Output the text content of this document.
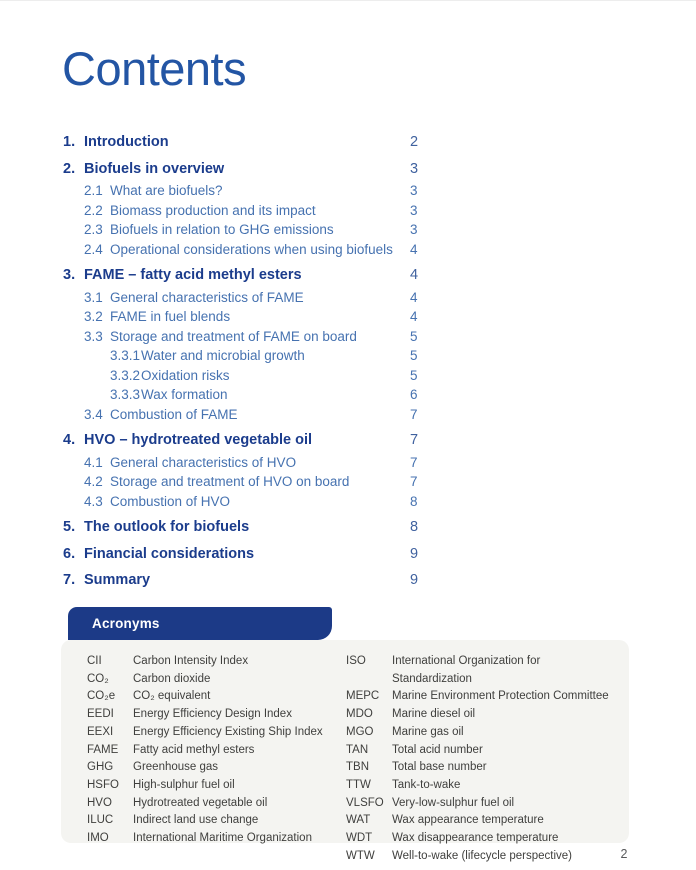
Contents
1. Introduction	2
2. Biofuels in overview	3
2.1 What are biofuels?	3
2.2 Biomass production and its impact	3
2.3 Biofuels in relation to GHG emissions	3
2.4 Operational considerations when using biofuels	4
3. FAME – fatty acid methyl esters	4
3.1 General characteristics of FAME	4
3.2 FAME in fuel blends	4
3.3 Storage and treatment of FAME on board	5
3.3.1 Water and microbial growth	5
3.3.2 Oxidation risks	5
3.3.3 Wax formation	6
3.4 Combustion of FAME	7
4. HVO – hydrotreated vegetable oil	7
4.1 General characteristics of HVO	7
4.2 Storage and treatment of HVO on board	7
4.3 Combustion of HVO	8
5. The outlook for biofuels	8
6. Financial considerations	9
7. Summary	9
Acronyms
CII	Carbon Intensity Index
CO₂	Carbon dioxide
CO₂e	CO₂ equivalent
EEDI	Energy Efficiency Design Index
EEXI	Energy Efficiency Existing Ship Index
FAME	Fatty acid methyl esters
GHG	Greenhouse gas
HSFO	High-sulphur fuel oil
HVO	Hydrotreated vegetable oil
ILUC	Indirect land use change
IMO	International Maritime Organization
ISO	International Organization for Standardization
MEPC	Marine Environment Protection Committee
MDO	Marine diesel oil
MGO	Marine gas oil
TAN	Total acid number
TBN	Total base number
TTW	Tank-to-wake
VLSFO Very-low-sulphur fuel oil
WAT	Wax appearance temperature
WDT	Wax disappearance temperature
WTW	Well-to-wake (lifecycle perspective)	2
